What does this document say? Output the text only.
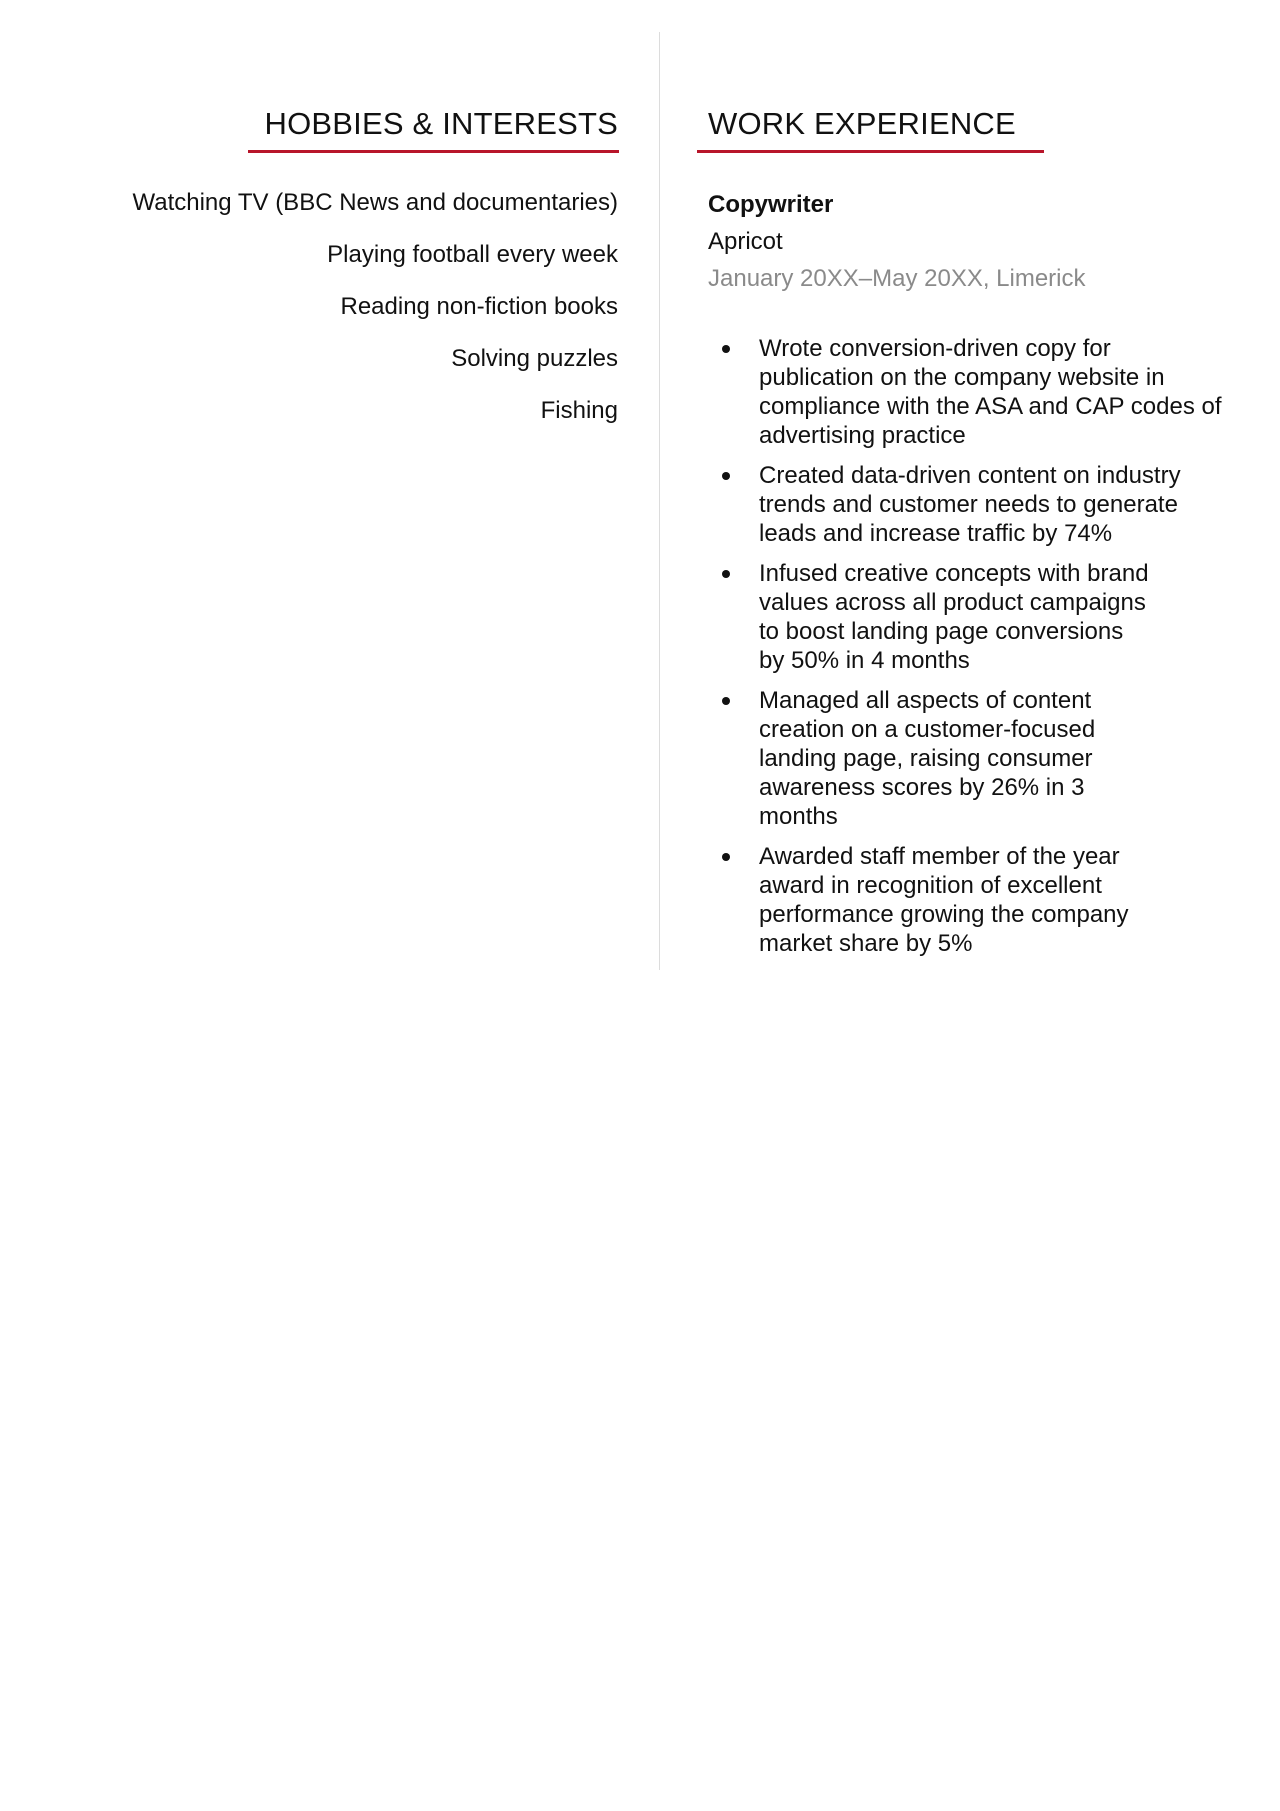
HOBBIES & INTERESTS
Watching TV (BBC News and documentaries)
Playing football every week
Reading non-fiction books
Solving puzzles
Fishing
WORK EXPERIENCE
Copywriter
Apricot
January 20XX–May 20XX, Limerick
Wrote conversion-driven copy for publication on the company website in compliance with the ASA and CAP codes of advertising practice
Created data-driven content on industry trends and customer needs to generate leads and increase traffic by 74%
Infused creative concepts with brand values across all product campaigns to boost landing page conversions by 50% in 4 months
Managed all aspects of content creation on a customer-focused landing page, raising consumer awareness scores by 26% in 3 months
Awarded staff member of the year award in recognition of excellent performance growing the company market share by 5%
